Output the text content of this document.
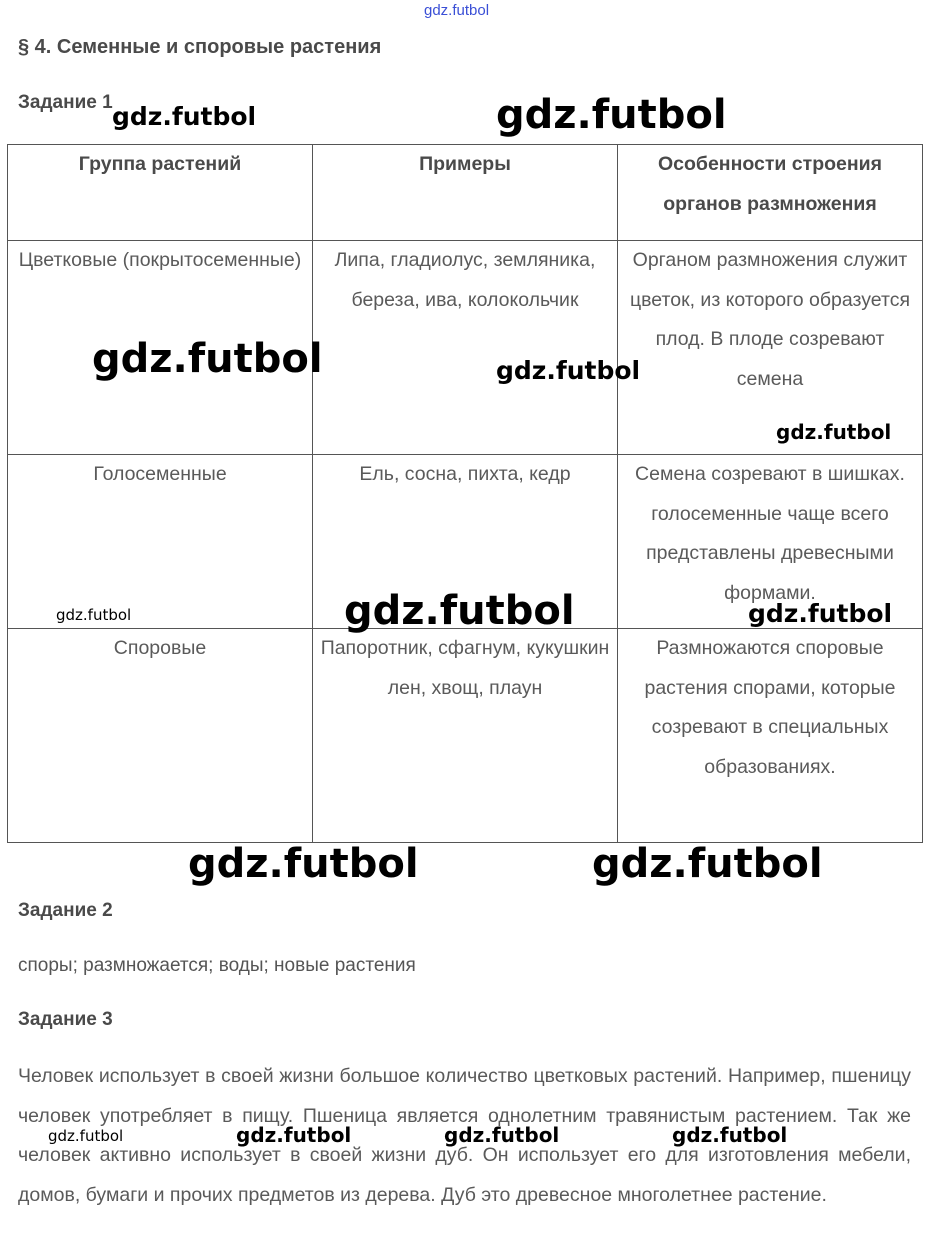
gdz.futbol
§ 4. Семенные и споровые растения
Задание 1
Группа растений	Примеры	Особенности строения органов размножения

Цветковые (покрытосеменные)	Липа, гладиолус, земляника, береза, ива, колокольчик	Органом размножения служит цветок, из которого образуется плод. В плоде созревают семена

Голосеменные	Ель, сосна, пихта, кедр	Семена созревают в шишках. голосеменные чаще всего представлены древесными формами.

Споровые	Папоротник, сфагнум, кукушкин лен, хвощ, плаун	Размножаются споровые растения спорами, которые созревают в специальных образованиях.
Задание 2
споры; размножается; воды; новые растения
Задание 3
Человек использует в своей жизни большое количество цветковых растений. Например, пшеницу человек употребляет в пищу. Пшеница является однолетним травянистым растением. Так же человек активно использует в своей жизни дуб. Он использует его для изготовления мебели, домов, бумаги и прочих предметов из дерева. Дуб это древесное многолетнее растение.
gdz.futbol	gdz.futbol
gdz.futbol	gdz.futbol
gdz.futbol
gdz.futbol	gdz.futbol	gdz.futbol
gdz.futbol	gdz.futbol
gdz.futbol	gdz.futbol	gdz.futbol	gdz.futbol
